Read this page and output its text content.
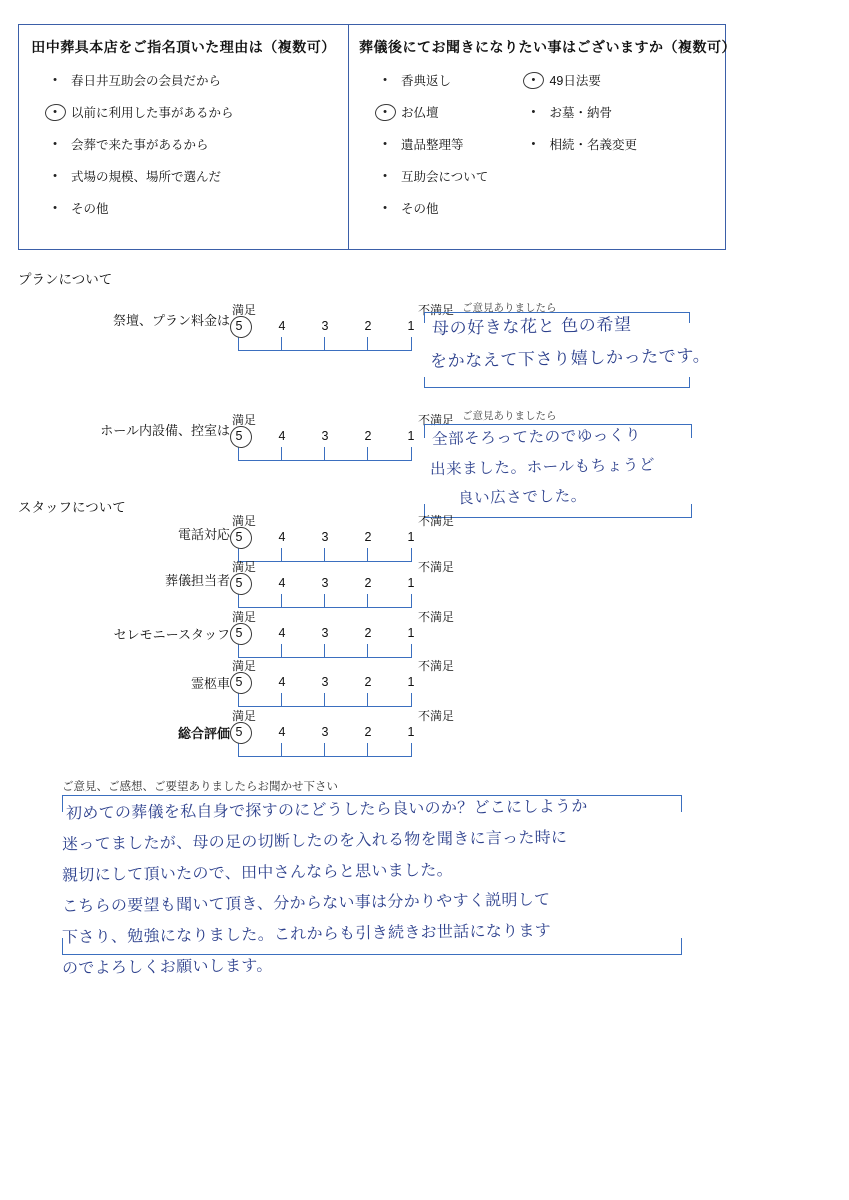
田中葬具本店をご指名頂いた理由は（複数可）
•	春日井互助会の会員だから
•	以前に利用した事があるから
•	会葬で来た事があるから
•	式場の規模、場所で選んだ
•	その他
葬儀後にてお聞きになりたい事はございますか（複数可）
•	香典返し
•	お仏壇
•	遺品整理等
•	互助会について
•	その他
•	49日法要
•	お墓・納骨
•	相続・名義変更
プランについて
祭壇、プラン料金は
満足	不満足
5	4	3	2	1
ご意見ありましたら
母の好きな花と 色の希望
をかなえて下さり嬉しかったです。
ホール内設備、控室は
満足	不満足
5	4	3	2	1
ご意見ありましたら
全部そろってたのでゆっくり
出来ました。ホールもちょうど
良い広さでした。
スタッフについて
電話対応
満足	不満足
5	4	3	2	1
葬儀担当者
満足	不満足
5	4	3	2	1
セレモニースタッフ
満足	不満足
5	4	3	2	1
霊柩車
満足	不満足
5	4	3	2	1
総合評価
満足	不満足
5	4	3	2	1
ご意見、ご感想、ご要望ありましたらお聞かせ下さい
初めての葬儀を私自身で探すのにどうしたら良いのか？どこにしようか
迷ってましたが、母の足の切断したのを入れる物を聞きに言った時に
親切にして頂いたので、田中さんならと思いました。
こちらの要望も聞いて頂き、分からない事は分かりやすく説明して
下さり、勉強になりました。これからも引き続きお世話になります
のでよろしくお願いします。
